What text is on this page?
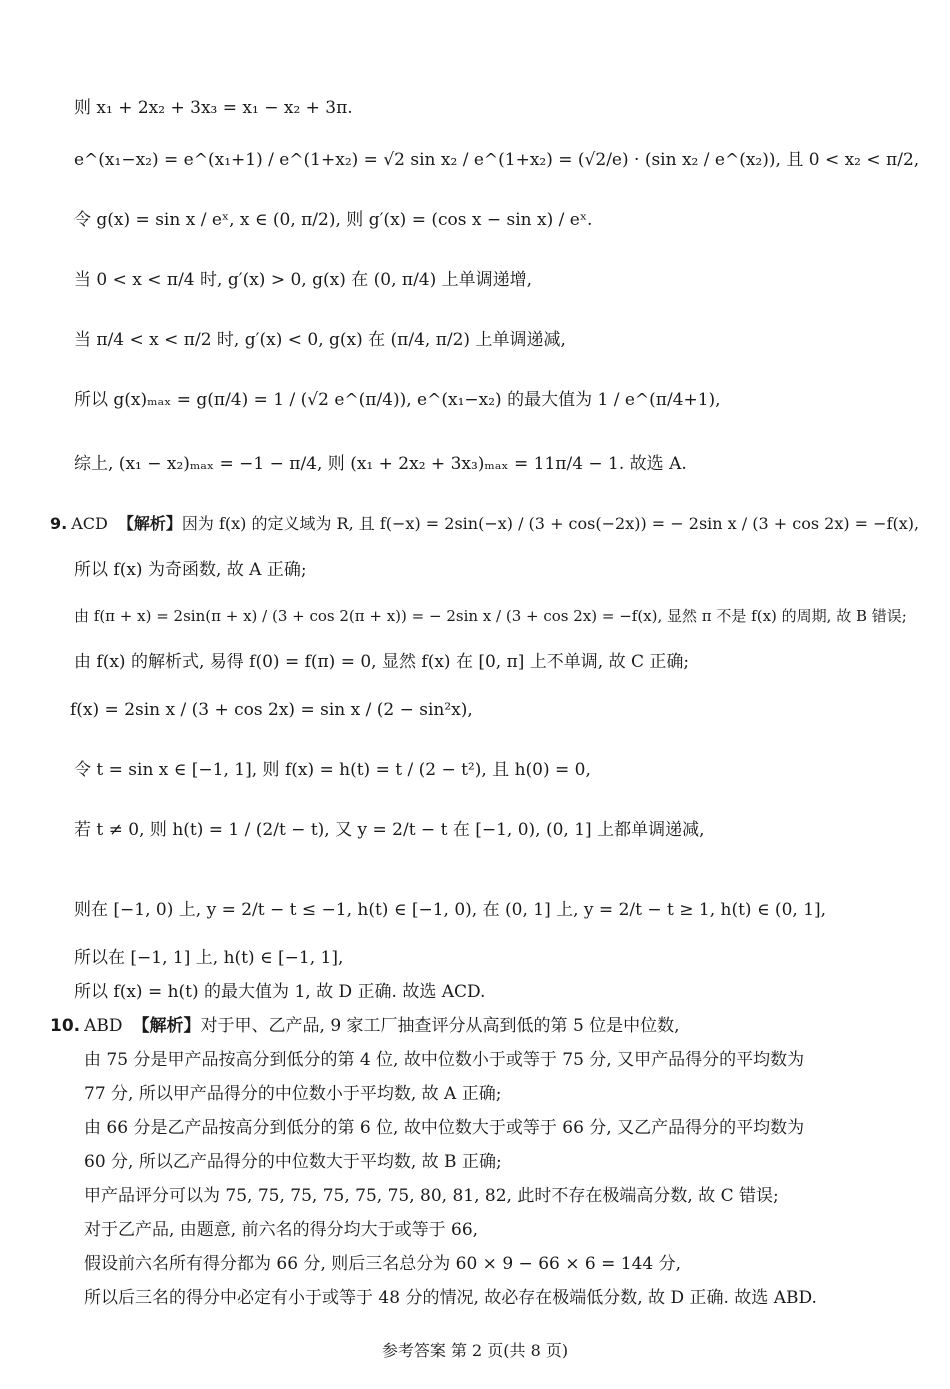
则 x₁ + 2x₂ + 3x₃ = x₁ − x₂ + 3π.
e^(x₁−x₂) = e^(x₁+1) / e^(1+x₂) = √2 sin x₂ / e^(1+x₂) = (√2/e) · (sin x₂ / e^(x₂)), 且 0 < x₂ < π/2,
令 g(x) = sin x / eˣ, x ∈ (0, π/2), 则 g′(x) = (cos x − sin x) / eˣ.
当 0 < x < π/4 时, g′(x) > 0, g(x) 在 (0, π/4) 上单调递增,
当 π/4 < x < π/2 时, g′(x) < 0, g(x) 在 (π/4, π/2) 上单调递减,
所以 g(x)ₘₐₓ = g(π/4) = 1 / (√2 e^(π/4)), e^(x₁−x₂) 的最大值为 1 / e^(π/4+1),
综上, (x₁ − x₂)ₘₐₓ = −1 − π/4, 则 (x₁ + 2x₂ + 3x₃)ₘₐₓ = 11π/4 − 1. 故选 A.
9. ACD 【解析】因为 f(x) 的定义域为 R, 且 f(−x) = 2sin(−x) / (3 + cos(−2x)) = − 2sin x / (3 + cos 2x) = −f(x),
所以 f(x) 为奇函数, 故 A 正确;
由 f(π + x) = 2sin(π + x) / (3 + cos 2(π + x)) = − 2sin x / (3 + cos 2x) = −f(x), 显然 π 不是 f(x) 的周期, 故 B 错误;
由 f(x) 的解析式, 易得 f(0) = f(π) = 0, 显然 f(x) 在 [0, π] 上不单调, 故 C 正确;
f(x) = 2sin x / (3 + cos 2x) = sin x / (2 − sin²x),
令 t = sin x ∈ [−1, 1], 则 f(x) = h(t) = t / (2 − t²), 且 h(0) = 0,
若 t ≠ 0, 则 h(t) = 1 / (2/t − t), 又 y = 2/t − t 在 [−1, 0), (0, 1] 上都单调递减,
则在 [−1, 0) 上, y = 2/t − t ≤ −1, h(t) ∈ [−1, 0), 在 (0, 1] 上, y = 2/t − t ≥ 1, h(t) ∈ (0, 1],
所以在 [−1, 1] 上, h(t) ∈ [−1, 1],
所以 f(x) = h(t) 的最大值为 1, 故 D 正确. 故选 ACD.
10. ABD 【解析】对于甲、乙产品, 9 家工厂抽查评分从高到低的第 5 位是中位数,
由 75 分是甲产品按高分到低分的第 4 位, 故中位数小于或等于 75 分, 又甲产品得分的平均数为
77 分, 所以甲产品得分的中位数小于平均数, 故 A 正确;
由 66 分是乙产品按高分到低分的第 6 位, 故中位数大于或等于 66 分, 又乙产品得分的平均数为
60 分, 所以乙产品得分的中位数大于平均数, 故 B 正确;
甲产品评分可以为 75, 75, 75, 75, 75, 75, 80, 81, 82, 此时不存在极端高分数, 故 C 错误;
对于乙产品, 由题意, 前六名的得分均大于或等于 66,
假设前六名所有得分都为 66 分, 则后三名总分为 60 × 9 − 66 × 6 = 144 分,
所以后三名的得分中必定有小于或等于 48 分的情况, 故必存在极端低分数, 故 D 正确. 故选 ABD.
参考答案 第 2 页(共 8 页)
